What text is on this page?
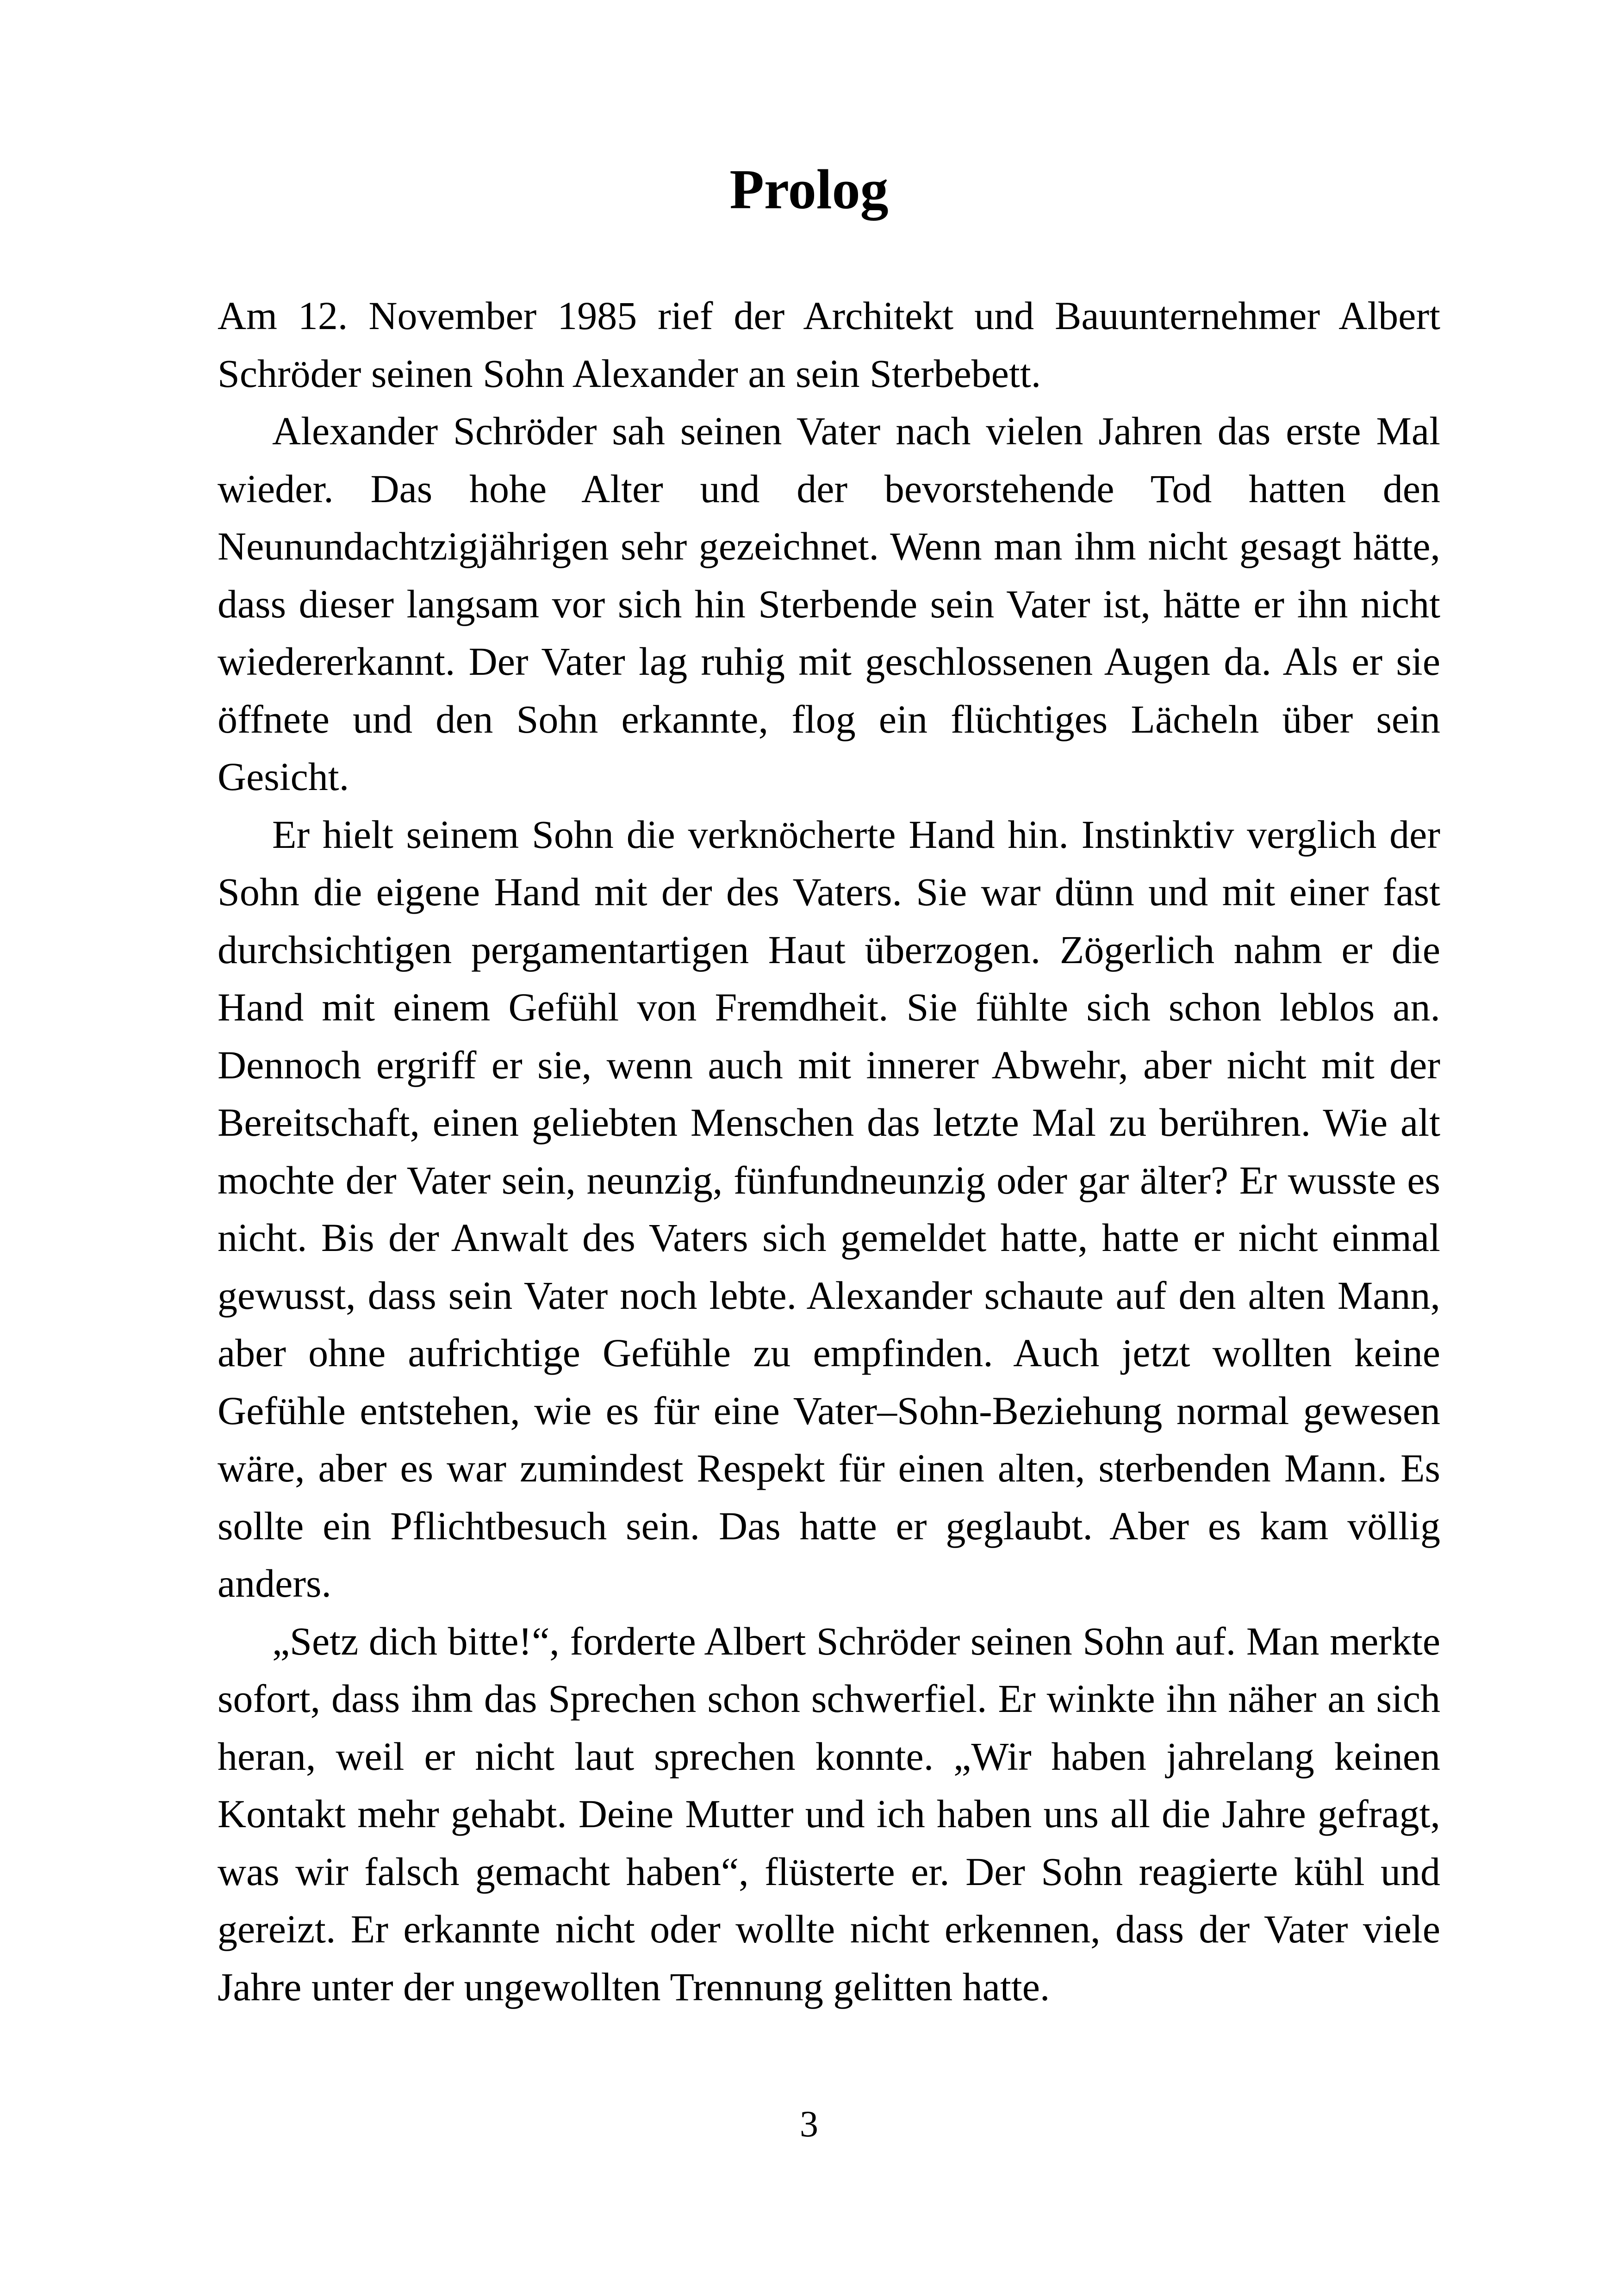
Prolog

Am 12. November 1985 rief der Architekt und Bauunternehmer Albert Schröder seinen Sohn Alexander an sein Sterbebett.

Alexander Schröder sah seinen Vater nach vielen Jahren das erste Mal wieder. Das hohe Alter und der bevorstehende Tod hatten den Neunundachtzigjährigen sehr gezeichnet. Wenn man ihm nicht gesagt hätte, dass dieser langsam vor sich hin Sterbende sein Vater ist, hätte er ihn nicht wiedererkannt. Der Vater lag ruhig mit geschlossenen Augen da. Als er sie öffnete und den Sohn erkannte, flog ein flüchtiges Lächeln über sein Gesicht.

Er hielt seinem Sohn die verknöcherte Hand hin. Instinktiv verglich der Sohn die eigene Hand mit der des Vaters. Sie war dünn und mit einer fast durchsichtigen pergamentartigen Haut überzogen. Zögerlich nahm er die Hand mit einem Gefühl von Fremdheit. Sie fühlte sich schon leblos an. Dennoch ergriff er sie, wenn auch mit innerer Abwehr, aber nicht mit der Bereitschaft, einen geliebten Menschen das letzte Mal zu berühren. Wie alt mochte der Vater sein, neunzig, fünfundneunzig oder gar älter? Er wusste es nicht. Bis der Anwalt des Vaters sich gemeldet hatte, hatte er nicht einmal gewusst, dass sein Vater noch lebte. Alexander schaute auf den alten Mann, aber ohne aufrichtige Gefühle zu empfinden. Auch jetzt wollten keine Gefühle entstehen, wie es für eine Vater–Sohn-Beziehung normal gewesen wäre, aber es war zumindest Respekt für einen alten, sterbenden Mann. Es sollte ein Pflichtbesuch sein. Das hatte er geglaubt. Aber es kam völlig anders.

„Setz dich bitte!“, forderte Albert Schröder seinen Sohn auf. Man merkte sofort, dass ihm das Sprechen schon schwerfiel. Er winkte ihn näher an sich heran, weil er nicht laut sprechen konnte. „Wir haben jahrelang keinen Kontakt mehr gehabt. Deine Mutter und ich haben uns all die Jahre gefragt, was wir falsch gemacht haben“, flüsterte er. Der Sohn reagierte kühl und gereizt. Er erkannte nicht oder wollte nicht erkennen, dass der Vater viele Jahre unter der ungewollten Trennung gelitten hatte.

3
